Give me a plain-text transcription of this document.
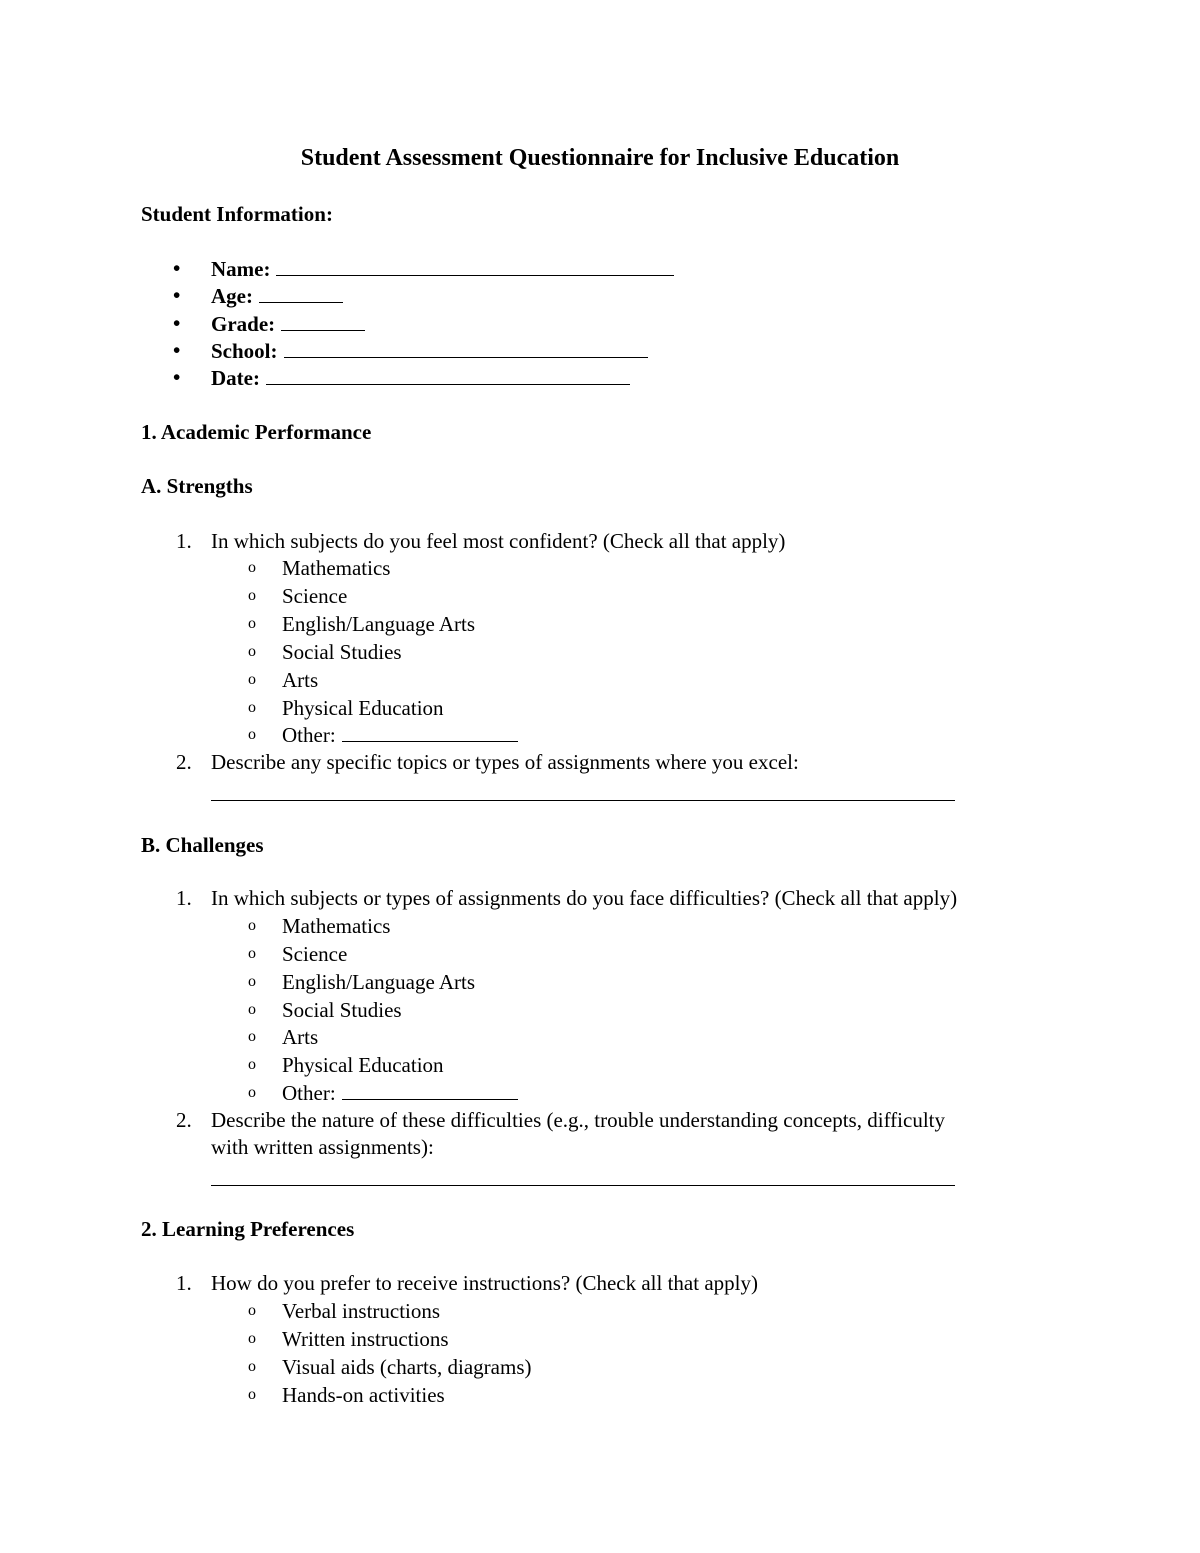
Student Assessment Questionnaire for Inclusive Education
Student Information:
•	Name:
•	Age:
•	Grade:
•	School:
•	Date:
1. Academic Performance
A. Strengths
1. In which subjects do you feel most confident? (Check all that apply)
o Mathematics
o Science
o English/Language Arts
o Social Studies
o Arts
o Physical Education
o Other:
2. Describe any specific topics or types of assignments where you excel:
B. Challenges
1. In which subjects or types of assignments do you face difficulties? (Check all that apply)
o Mathematics
o Science
o English/Language Arts
o Social Studies
o Arts
o Physical Education
o Other:
2. Describe the nature of these difficulties (e.g., trouble understanding concepts, difficulty
with written assignments):
2. Learning Preferences
1. How do you prefer to receive instructions? (Check all that apply)
o Verbal instructions
o Written instructions
o Visual aids (charts, diagrams)
o Hands-on activities
